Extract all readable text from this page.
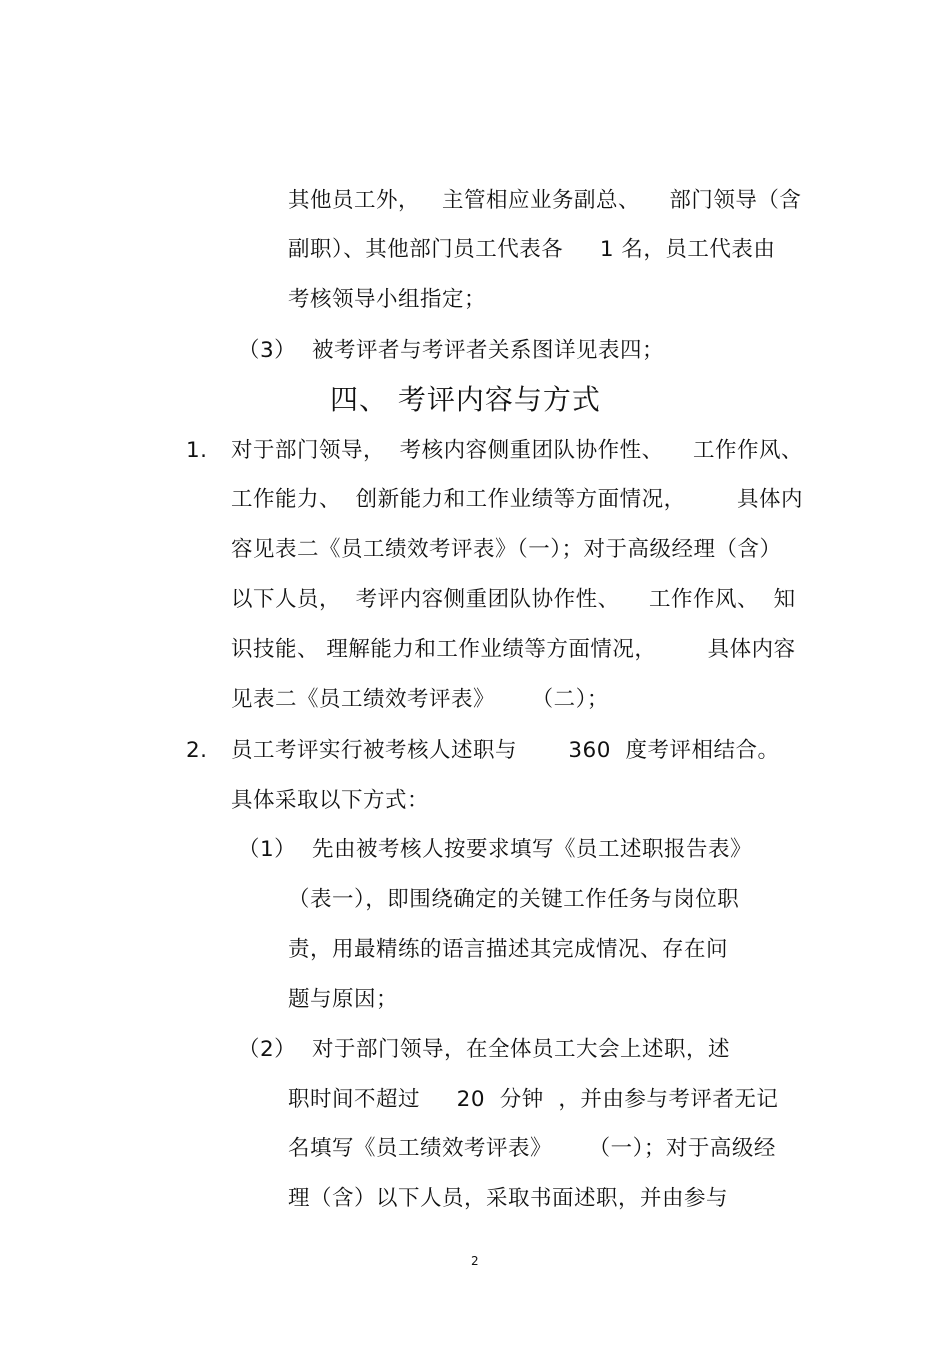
其他员工外，   主管相应业务副总、    部门领导（含
副职）、其他部门员工代表各     1 名，员工代表由
考核领导小组指定；
（3） 被考评者与考评者关系图详见表四；
四、 考评内容与方式
1. 对于部门领导，  考核内容侧重团队协作性、    工作作风、
工作能力、  创新能力和工作业绩等方面情况，       具体内
容见表二《员工绩效考评表》（一）；对于高级经理（含）
以下人员，  考评内容侧重团队协作性、    工作作风、  知
识技能、 理解能力和工作业绩等方面情况，       具体内容
见表二《员工绩效考评表》     （二）；
2. 员工考评实行被考核人述职与       360  度考评相结合。
具体采取以下方式：
（1） 先由被考核人按要求填写《员工述职报告表》
（表一），即围绕确定的关键工作任务与岗位职
责，用最精练的语言描述其完成情况、存在问
题与原因；
（2） 对于部门领导，在全体员工大会上述职，述
职时间不超过     20  分钟  ，并由参与考评者无记
名填写《员工绩效考评表》     （一）；对于高级经
理（含）以下人员，采取书面述职，并由参与
2
